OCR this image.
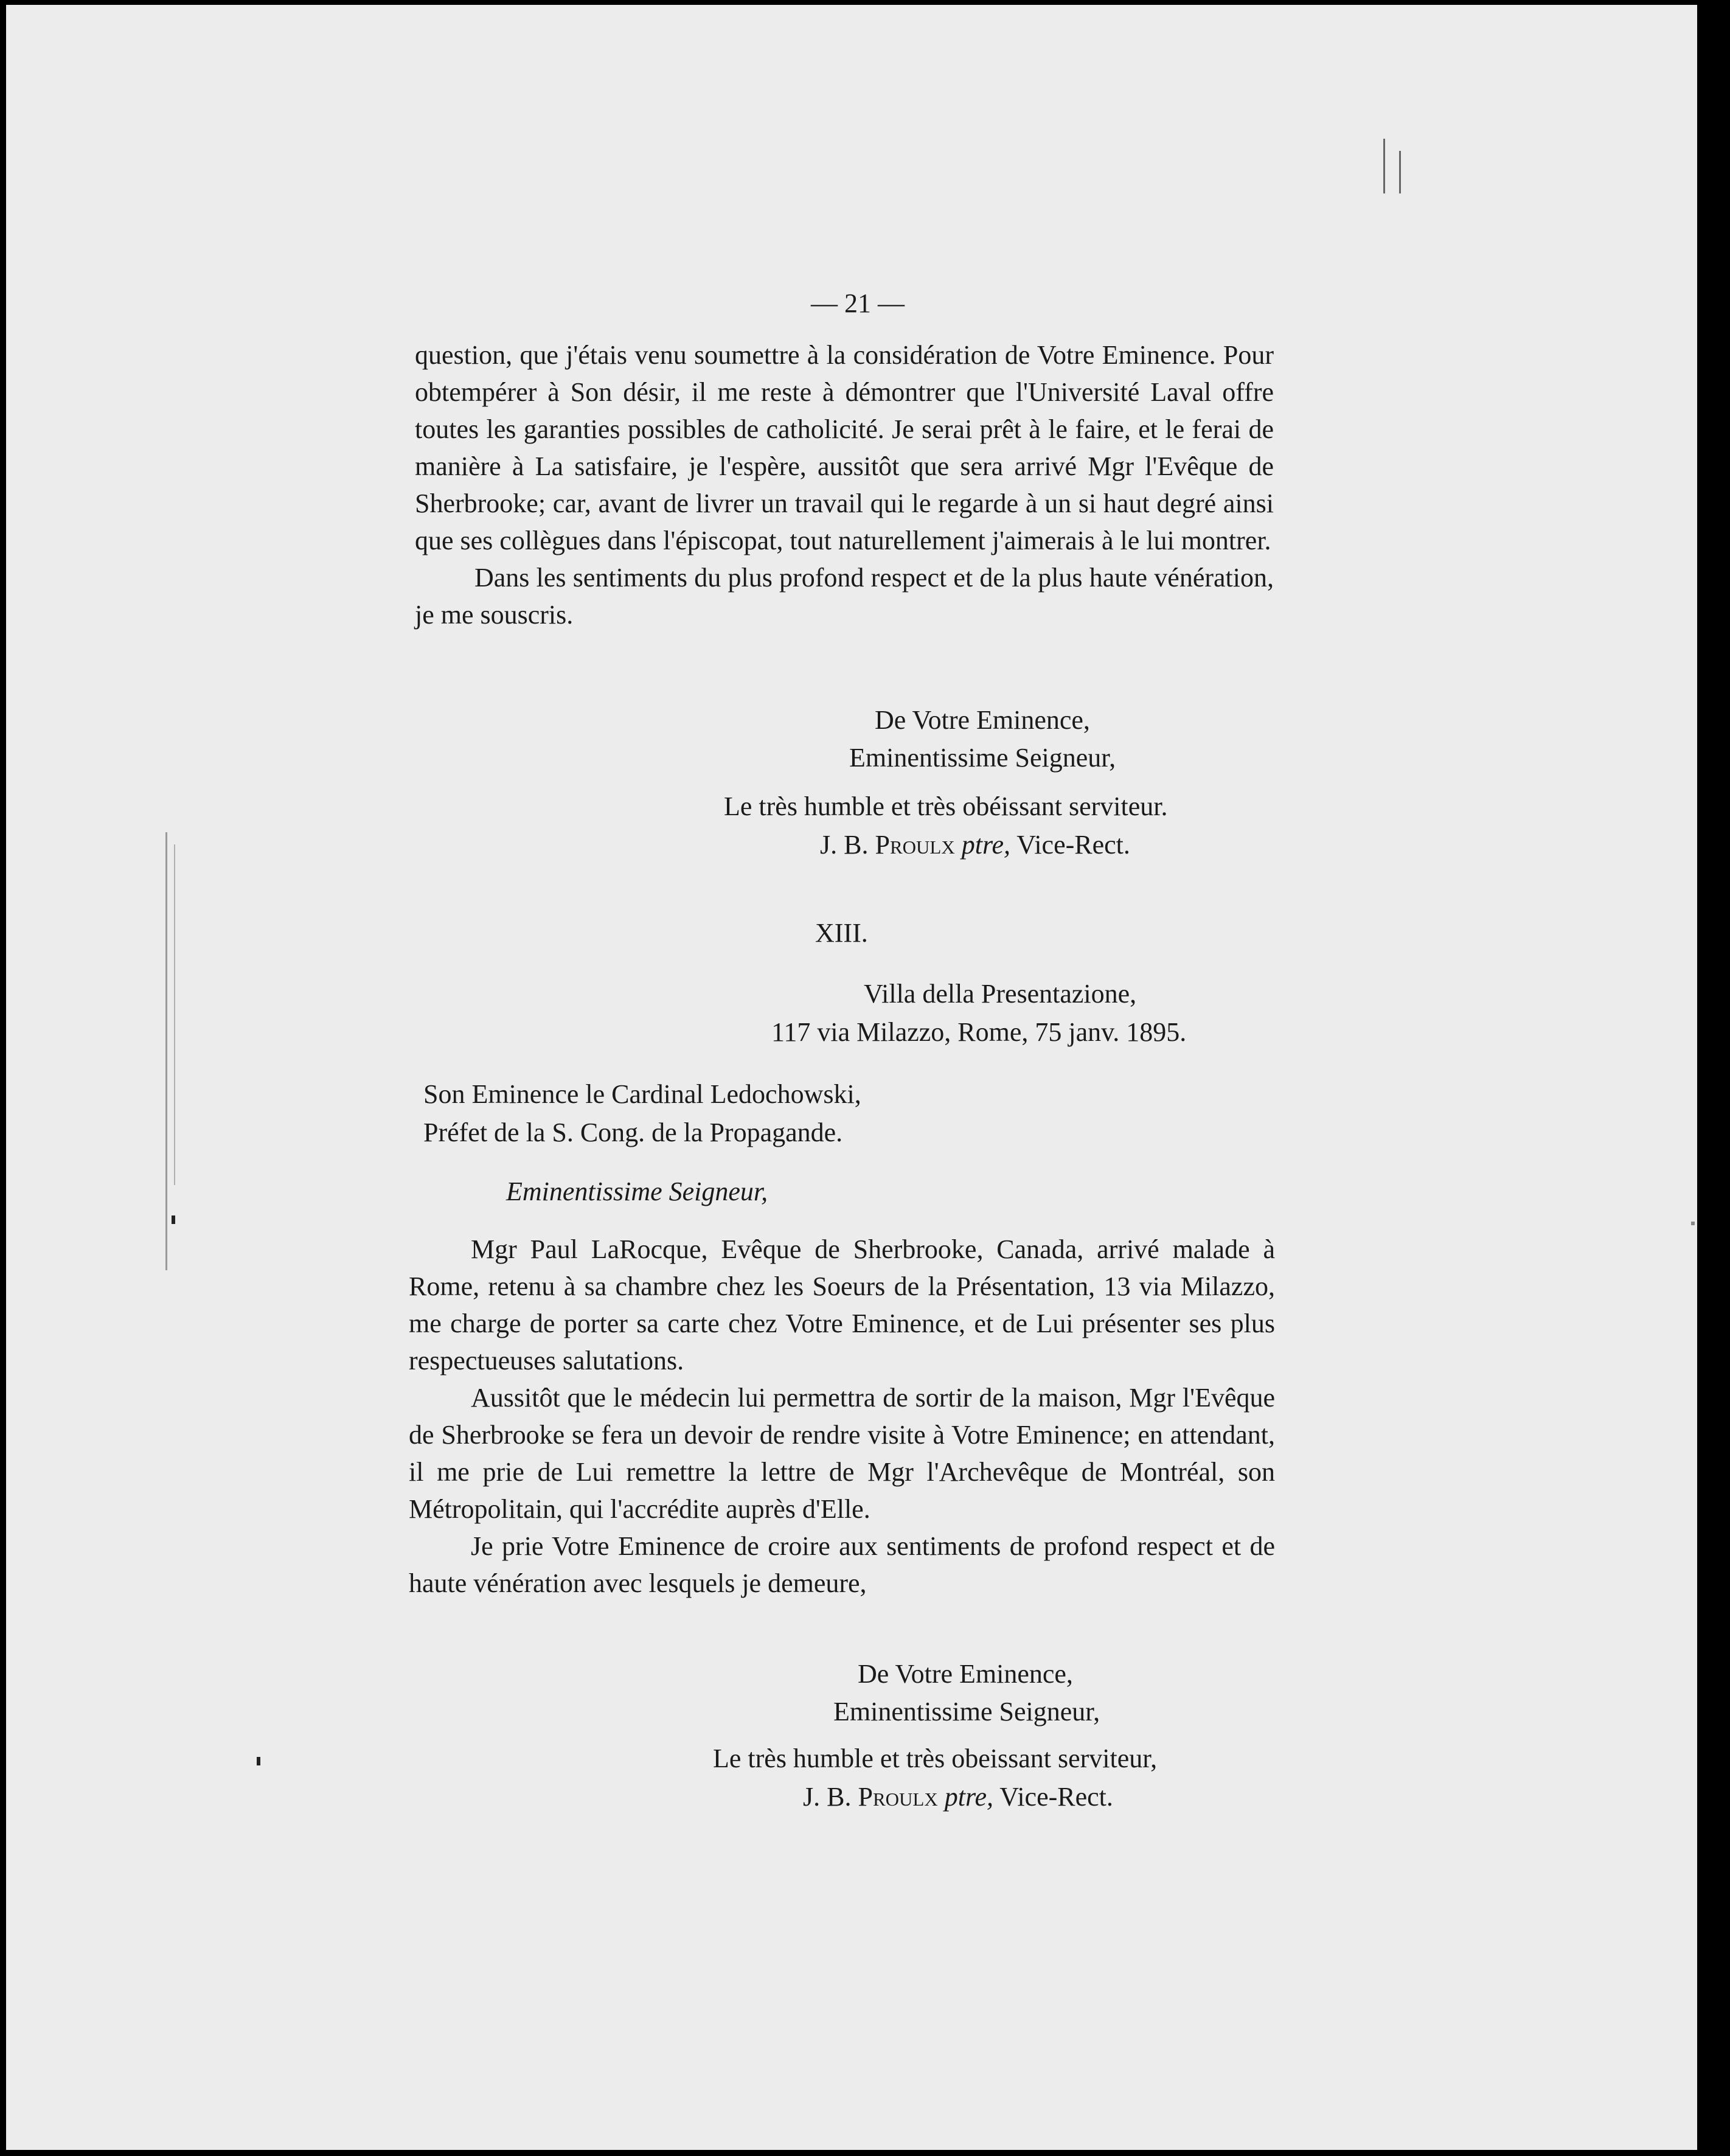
— 21 —

question, que j'étais venu soumettre à la considération de Votre Eminence. Pour obtempérer à Son désir, il me reste à démontrer que l'Université Laval offre toutes les garanties possibles de catholicité. Je serai prêt à le faire, et le ferai de manière à La satisfaire, je l'espère, aussitôt que sera arrivé Mgr l'Evêque de Sherbrooke; car, avant de livrer un travail qui le regarde à un si haut degré ainsi que ses collègues dans l'épiscopat, tout naturellement j'aimerais à le lui montrer.

Dans les sentiments du plus profond respect et de la plus haute vénération, je me souscris.

De Votre Eminence,
Eminentissime Seigneur,
Le très humble et très obéissant serviteur.
J. B. Proulx ptre, Vice-Rect.
XIII.
Villa della Presentazione,
117 via Milazzo, Rome, 75 janv. 1895.
Son Eminence le Cardinal Ledochowski,
Préfet de la S. Cong. de la Propagande.
Eminentissime Seigneur,

Mgr Paul LaRocque, Evêque de Sherbrooke, Canada, arrivé malade à Rome, retenu à sa chambre chez les Soeurs de la Présentation, 13 via Milazzo, me charge de porter sa carte chez Votre Eminence, et de Lui présenter ses plus respectueuses salutations.

Aussitôt que le médecin lui permettra de sortir de la maison, Mgr l'Evêque de Sherbrooke se fera un devoir de rendre visite à Votre Eminence; en attendant, il me prie de Lui remettre la lettre de Mgr l'Archevêque de Montréal, son Métropolitain, qui l'accrédite auprès d'Elle.

Je prie Votre Eminence de croire aux sentiments de profond respect et de haute vénération avec lesquels je demeure,

De Votre Eminence,
Eminentissime Seigneur,
Le très humble et très obeissant serviteur,
J. B. Proulx ptre, Vice-Rect.
